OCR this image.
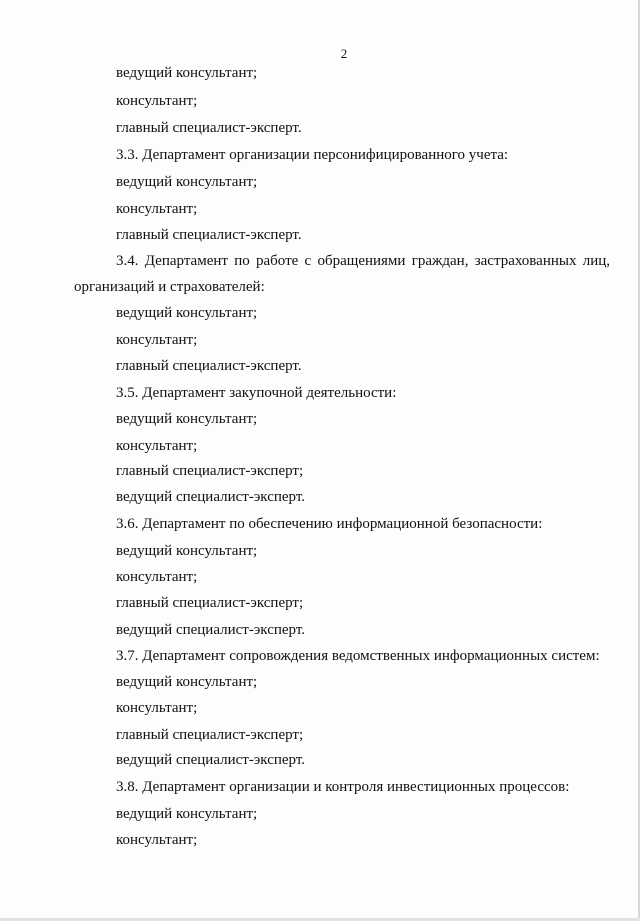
2
ведущий консультант;
консультант;
главный специалист-эксперт.
3.3. Департамент организации персонифицированного учета:
ведущий консультант;
консультант;
главный специалист-эксперт.
3.4. Департамент по работе с обращениями граждан, застрахованных лиц,
организаций и страхователей:
ведущий консультант;
консультант;
главный специалист-эксперт.
3.5. Департамент закупочной деятельности:
ведущий консультант;
консультант;
главный специалист-эксперт;
ведущий специалист-эксперт.
3.6. Департамент по обеспечению информационной безопасности:
ведущий консультант;
консультант;
главный специалист-эксперт;
ведущий специалист-эксперт.
3.7. Департамент сопровождения ведомственных информационных систем:
ведущий консультант;
консультант;
главный специалист-эксперт;
ведущий специалист-эксперт.
3.8. Департамент организации и контроля инвестиционных процессов:
ведущий консультант;
консультант;
